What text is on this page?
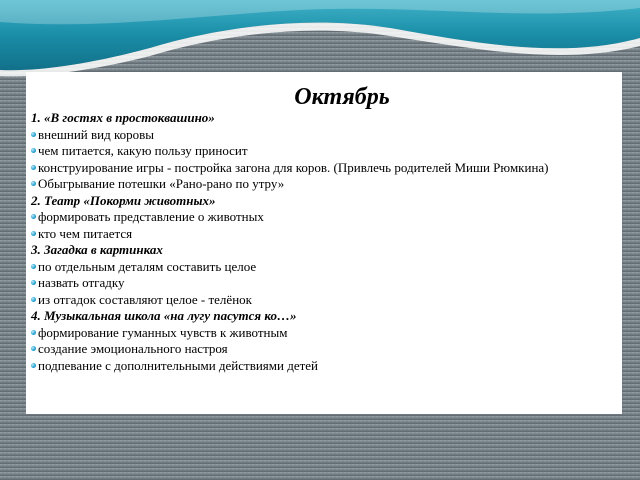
Октябрь

1. «В гостях в простоквашино»

внешний вид коровы

чем питается, какую пользу приносит

конструирование игры - постройка загона для коров. (Привлечь родителей Миши Рюмкина)

Обыгрывание потешки «Рано-рано по утру»

2. Театр «Покорми животных»

формировать представление о животных

кто чем питается

3. Загадка в картинках

по отдельным деталям составить целое

назвать отгадку

из отгадок составляют целое - телёнок

4. Музыкальная школа «на лугу пасутся ко…»

формирование гуманных чувств к животным

создание эмоционального настроя

подпевание с дополнительными действиями детей
